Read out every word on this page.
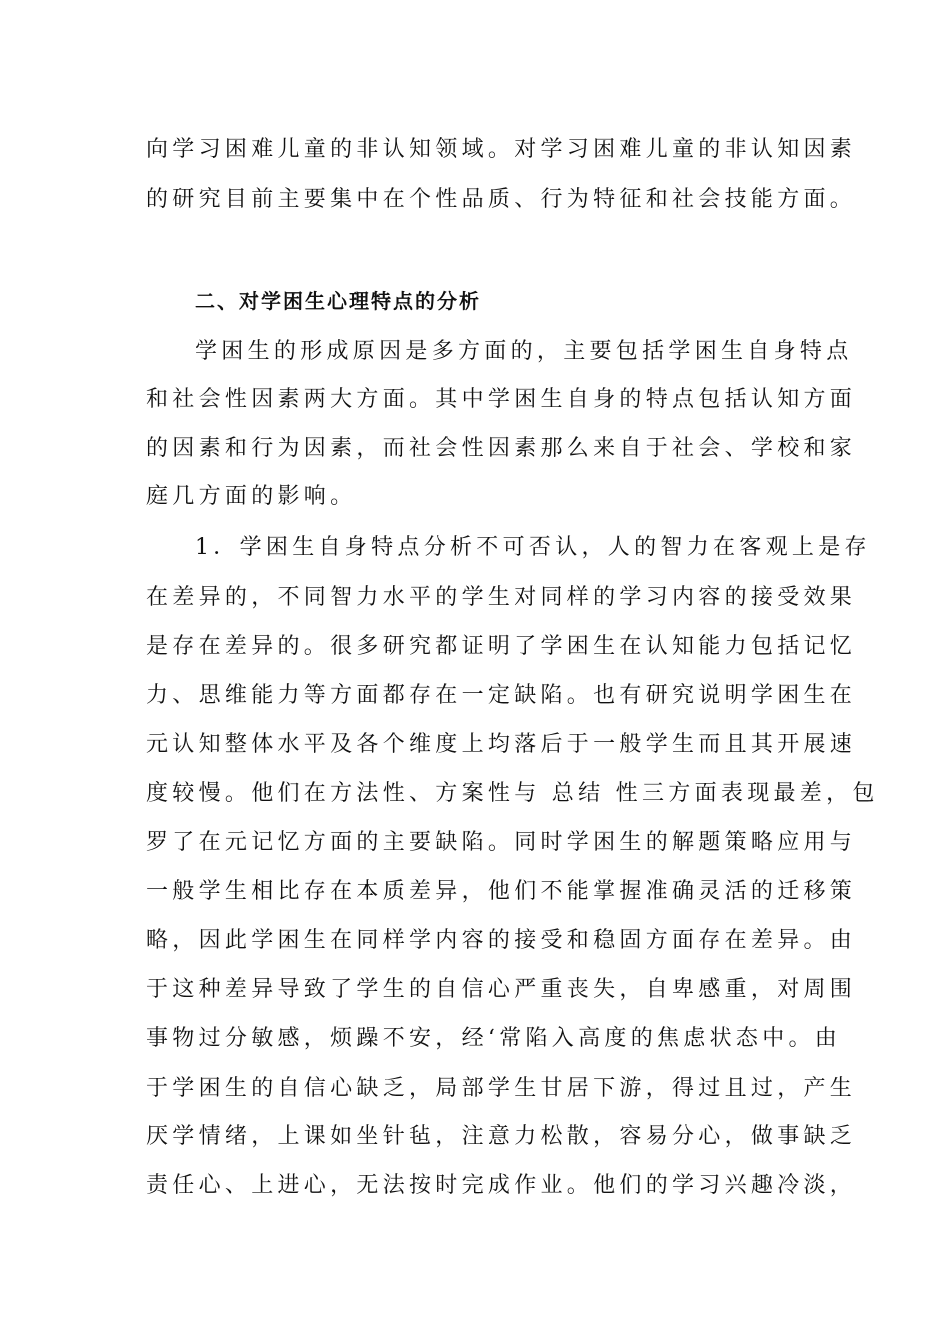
向学习困难儿童的非认知领域。对学习困难儿童的非认知因素
的研究目前主要集中在个性品质、行为特征和社会技能方面。
二、对学困生心理特点的分析
学困生的形成原因是多方面的，主要包括学困生自身特点
和社会性因素两大方面。其中学困生自身的特点包括认知方面
的因素和行为因素，而社会性因素那么来自于社会、学校和家
庭几方面的影响。
1．学困生自身特点分析不可否认，人的智力在客观上是存
在差异的，不同智力水平的学生对同样的学习内容的接受效果
是存在差异的。很多研究都证明了学困生在认知能力包括记忆
力、思维能力等方面都存在一定缺陷。也有研究说明学困生在
元认知整体水平及各个维度上均落后于一般学生而且其开展速
度较慢。他们在方法性、方案性与 总结 性三方面表现最差，包
罗了在元记忆方面的主要缺陷。同时学困生的解题策略应用与
一般学生相比存在本质差异，他们不能掌握准确灵活的迁移策
略，因此学困生在同样学内容的接受和稳固方面存在差异。由
于这种差异导致了学生的自信心严重丧失，自卑感重，对周围
事物过分敏感，烦躁不安，经‘常陷入高度的焦虑状态中。由
于学困生的自信心缺乏，局部学生甘居下游，得过且过，产生
厌学情绪，上课如坐针毡，注意力松散，容易分心，做事缺乏
责任心、上进心，无法按时完成作业。他们的学习兴趣冷淡，
